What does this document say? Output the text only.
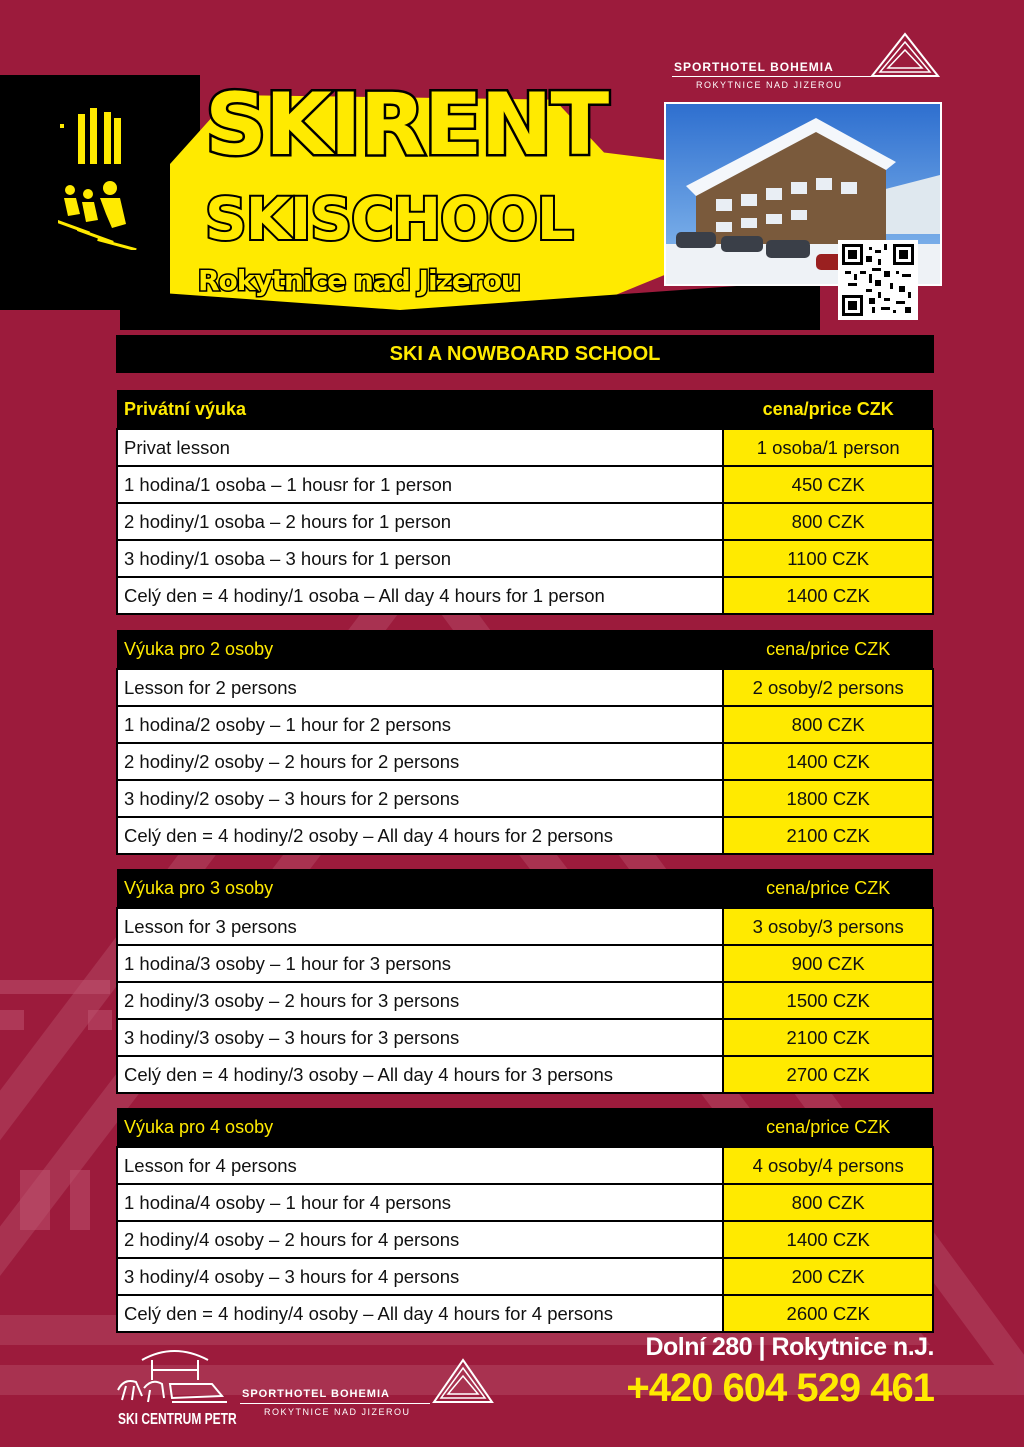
SKIRENT
SKISCHOOL
Rokytnice nad Jizerou
SPORTHOTEL BOHEMIA
ROKYTNICE NAD JIZEROU
SKI A NOWBOARD SCHOOL
Privátní výuka	cena/price CZK
Privat lesson	1 osoba/1 person
1 hodina/1 osoba – 1 housr for 1 person	450 CZK
2 hodiny/1 osoba – 2 hours for 1 person	800 CZK
3 hodiny/1 osoba – 3 hours for 1 person	1100 CZK
Celý den = 4 hodiny/1 osoba – All day 4 hours for 1 person	1400 CZK
Výuka pro 2 osoby	cena/price CZK
Lesson for 2 persons	2 osoby/2 persons
1 hodina/2 osoby – 1 hour for 2 persons	800 CZK
2 hodiny/2 osoby – 2 hours for 2 persons	1400 CZK
3 hodiny/2 osoby – 3 hours for 2 persons	1800 CZK
Celý den = 4 hodiny/2 osoby – All day 4 hours for 2 persons	2100 CZK
Výuka pro 3 osoby	cena/price CZK
Lesson for 3 persons	3 osoby/3 persons
1 hodina/3 osoby – 1 hour for 3 persons	900 CZK
2 hodiny/3 osoby – 2 hours for 3 persons	1500 CZK
3 hodiny/3 osoby – 3 hours for 3 persons	2100 CZK
Celý den = 4 hodiny/3 osoby – All day 4 hours for 3 persons	2700 CZK
Výuka pro 4 osoby	cena/price CZK
Lesson for 4 persons	4 osoby/4 persons
1 hodina/4 osoby – 1 hour for 4 persons	800 CZK
2 hodiny/4 osoby – 2 hours for 4 persons	1400 CZK
3 hodiny/4 osoby – 3 hours for 4 persons	200 CZK
Celý den = 4 hodiny/4 osoby – All day 4 hours for 4 persons	2600 CZK
SKI CENTRUM PETR
SPORTHOTEL BOHEMIA
ROKYTNICE NAD JIZEROU
Dolní 280 | Rokytnice n.J.
+420 604 529 461
